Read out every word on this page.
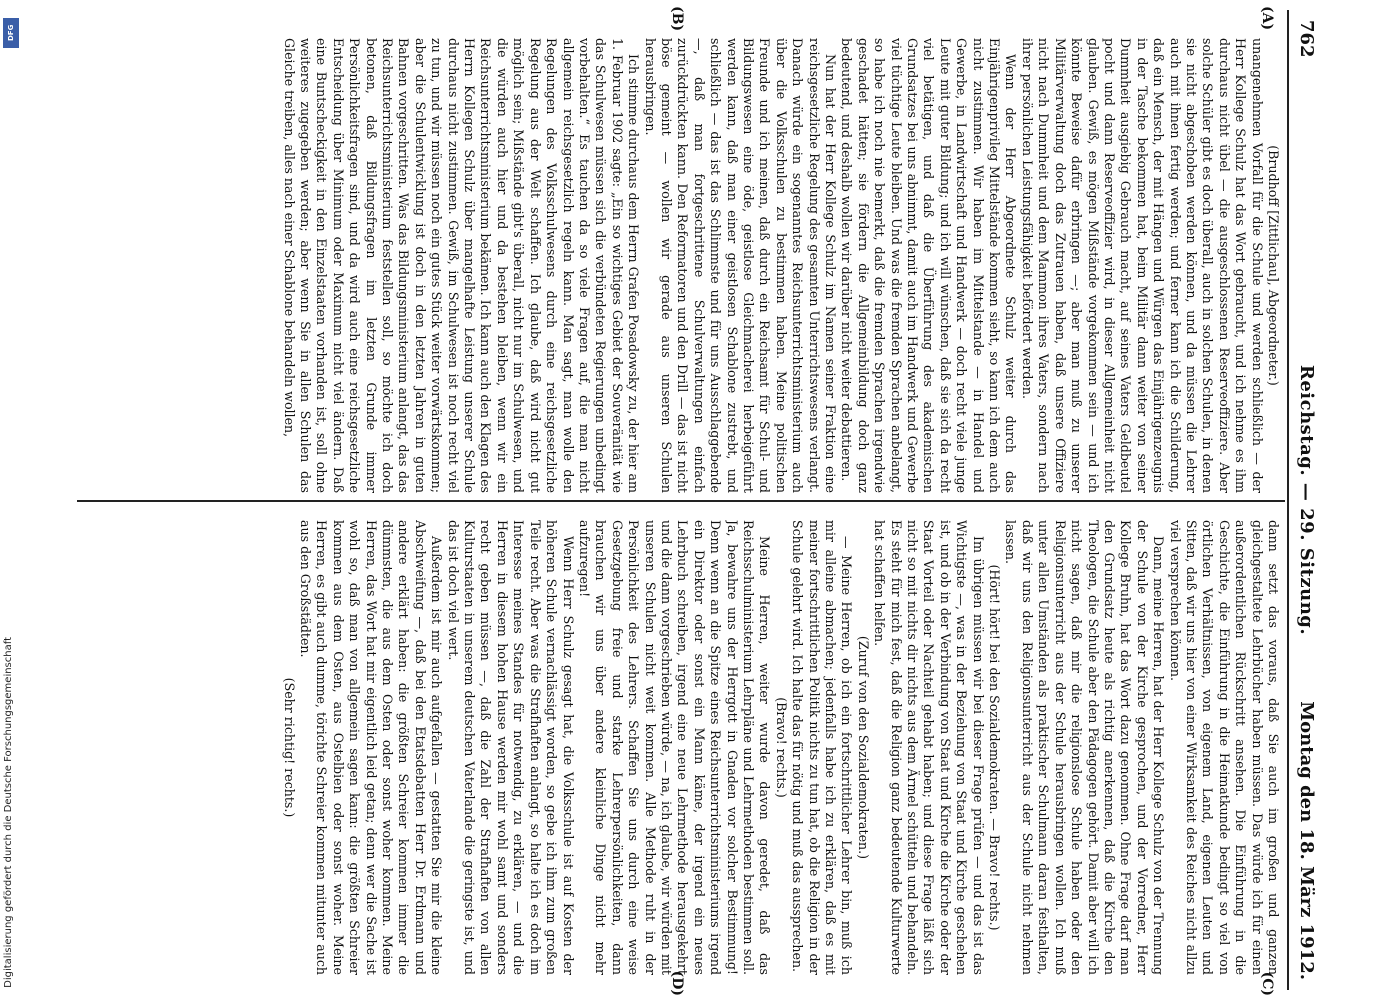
DFG
Digitalisierung gefördert durch die Deutsche Forschungsgemeinschaft
762
Reichstag. — 29. Sitzung.
Montag den 18. März 1912.
(A)
(B)
(C)
(D)

(Brudhoff [Zittlichau], Abgeordneter.)

unangenehmen Vorfall für die Schule und werden schließlich — der Herr Kollege Schulz hat das Wort gebraucht, und ich nehme es ihm durchaus nicht übel — die ausgeschlossenen Reserveoffiziere. Aber solche Schüler gibt es doch überall, auch in solchen Schulen, in denen sie nicht abgeschoben werden können, und da müssen die Lehrer auch mit ihnen fertig werden; und ferner kann ich die Schilderung, daß ein Mensch, der mit Hängen und Würgen das Einjährigenzeugnis in der Tasche bekommen hat, beim Militär dann weiter von seiner Dummheit ausgiebig Gebrauch macht, auf seines Vaters Geldbeutel pocht und dann Reserveoffizier wird, in dieser Allgemeinheit nicht glauben. Gewiß, es mögen Mißstände vorgekommen sein — und ich könnte Beweise dafür erbringen —; aber man muß zu unserer Militärverwaltung doch das Zutrauen haben, daß unsere Offiziere nicht nach Dummheit und dem Mammon ihres Vaters, sondern nach ihrer persönlichen Leistungsfähigkeit befördert werden.

Wenn der Herr Abgeordnete Schulz weiter durch das Einjährigenprivileg Mittelstände kommen sieht, so kann ich dem auch nicht zustimmen. Wir haben im Mittelstande — in Handel und Gewerbe, in Landwirtschaft und Handwerk — doch recht viele junge Leute mit guter Bildung; und ich will wünschen, daß sie sich da recht viel betätigen, und daß die Überführung des akademischen Grundsatzes bei uns abnimmt, damit auch im Handwerk und Gewerbe viel tüchtige Leute bleiben. Und was die fremden Sprachen anbelangt, so habe ich noch nie bemerkt, daß die fremden Sprachen irgendwie geschadet hätten; sie fördern die Allgemeinbildung doch ganz bedeutend, und deshalb wollen wir darüber nicht weiter debattieren.

Nun hat der Herr Kollege Schulz im Namen seiner Fraktion eine reichsgesetzliche Regelung des gesamten Unterrichtswesens verlangt. Danach würde ein sogenanntes Reichsunterrichtsministerium auch über die Volksschulen zu bestimmen haben. Meine politischen Freunde und ich meinen, daß durch ein Reichsamt für Schul- und Bildungswesen eine öde, geistlose Gleichmacherei herbeigeführt werden kann, daß man einer geistlosen Schablone zustrebt, und schließlich — das ist das Schlimmste und für uns Ausschlaggebende —, daß man fortgeschrittene Schulverwaltungen einfach zurückdrückten kann. Den Reformatoren und den Drill — das ist nicht böse gemeint — wollen wir gerade aus unseren Schulen herausbringen.

Ich stimme durchaus dem Herrn Grafen Posadowsky zu, der hier am 1. Februar 1902 sagte: „Ein so wichtiges Gebiet der Souveränität wie das Schulwesen müssen sich die verbündeten Regierungen unbedingt vorbehalten.“ Es tauchen da so viele Fragen auf, die man nicht allgemein reichsgesetzlich regeln kann. Man sagt, man wolle den Regelungen des Volksschulwesens durch eine reichsgesetzliche Regelung aus der Welt schaffen. Ich glaube, daß wird nicht gut möglich sein; Mißstände gibt's überall, nicht nur im Schulwesen, und die würden auch hier und da bestehen bleiben, wenn wir ein Reichsunterrichtsministerium bekämen. Ich kann auch den Klagen des Herrn Kollegen Schulz über mangelhafte Leistung unserer Schule durchaus nicht zustimmen. Gewiß, im Schulwesen ist noch recht viel zu tun, und wir müssen noch ein gutes Stück weiter vorwärtskommen; aber die Schulentwicklung ist doch in den letzten Jahren in guten Bahnen vorgeschritten. Was das Bildungsministerium anlangt, das das Reichsunterrichtsministerium feststellen soll, so möchte ich doch betonen, daß Bildungsfragen im letzten Grunde immer Persönlichkeitsfragen sind, und da wird auch eine reichsgesetzliche Entscheidung über Minimum oder Maximum nicht viel ändern. Daß eine Buntscheckigkeit in den Einzelstaaten vorhanden ist, soll ohne weiteres zugegeben werden; aber wenn Sie in allen Schulen das Gleiche treiben, alles nach einer Schablone behandeln wollen,

dann setzt das voraus, daß Sie auch im großen und ganzen gleichgestaltete Lehrbücher haben müssen. Das würde ich für einen außerordentlichen Rückschritt ansehen. Die Einführung in die Geschichte, die Einführung in die Heimatkunde bedingt so viel von örtlichen Verhältnissen, von eigenem Land, eigenen Leuten und Sitten, daß wir uns hier von einer Wirksamkeit des Reiches nicht allzu viel versprechen können.

Dann, meine Herren, hat der Herr Kollege Schulz von der Trennung der Schule von der Kirche gesprochen, und der Vorredner, Herr Kollege Bruhn, hat das Wort dazu genommen. Ohne Frage darf man den Grundsatz heute als richtig anerkennen, daß die Kirche den Theologen, die Schule aber den Pädagogen gehört. Damit aber will ich nicht sagen, daß mir die religionslose Schule haben oder den Religionsunterricht aus der Schule herausbringen wollen. Ich muß unter allen Umständen als praktischer Schulmann daran festhalten, daß wir uns den Religionsunterricht aus der Schule nicht nehmen lassen.

(Hört! hört! bei den Sozialdemokraten. — Bravo! rechts.)

Im übrigen müssen wir bei dieser Frage prüfen — und das ist das Wichtigste —, was in der Beziehung von Staat und Kirche geschehen ist, und ob in der Verbindung von Staat und Kirche die Kirche oder der Staat Vorteil oder Nachteil gehabt haben; und diese Frage läßt sich nicht so mit nichts dir nichts aus dem Ärmel schütteln und behandeln. Es steht für mich fest, daß die Religion ganz bedeutende Kulturwerte hat schaffen helfen.

(Zuruf von den Sozialdemokraten.)

— Meine Herren, ob ich ein fortschrittlicher Lehrer bin, muß ich mir alleine abmachen; jedenfalls habe ich zu erklären, daß es mit meiner fortschrittlichen Politik nichts zu tun hat, ob die Religion in der Schule gelehrt wird. Ich halte das für nötig und muß das aussprechen.

(Bravo! rechts.)

Meine Herren, weiter wurde davon geredet, daß das Reichsschulministerium Lehrpläne und Lehrmethoden bestimmen soll. Ja, bewahre uns der Herrgott in Gnaden vor solcher Bestimmung! Denn wenn an die Spitze eines Reichsunterrichtsministeriums irgend ein Direktor oder sonst ein Mann käme, der irgend ein neues Lehrbuch schreiben, irgend eine neue Lehrmethode herausgekehrt und die dann vorgeschrieben würde, — na, ich glaube, wir würden mit unseren Schulen nicht weit kommen. Alle Methode ruht in der Persönlichkeit des Lehrers. Schaffen Sie uns durch eine weise Gesetzgebung freie und starke Lehrerpersönlichkeiten, dann brauchen wir uns über andere kleinliche Dinge nicht mehr aufzuregen!

Wenn Herr Schulz gesagt hat, die Volksschule ist auf Kosten der höheren Schule vernachlässigt worden, so gebe ich ihm zum großen Teile recht. Aber was die Strafhaften anlangt, so halte ich es doch im Interesse meines Standes für notwendig, zu erklären, — und die Herren in diesem hohen Hause werden mir wohl samt und sonders recht geben müssen —, daß die Zahl der Strafhaften von allen Kulturstaaten in unserem deutschen Vaterlande die geringste ist, und das ist doch viel wert.

Außerdem ist mir auch aufgefallen — gestatten Sie mir die kleine Abschweifung —, daß bei den Etatsdebatten Herr Dr. Erdmann und andere erklärt haben: die größten Schreier kommen immer die dümmsten, die aus dem Osten oder sonst woher kommen. Meine Herren, das Wort hat mir eigentlich leid getan; denn wer die Sache ist wohl so, daß man von allgemein sagen kann: die größten Schreier kommen aus dem Osten, aus Ostelbien oder sonst woher. Meine Herren, es gibt auch dumme, törichte Schreier kommen mitunter auch aus den Großstädten.

(Sehr richtig! rechts.)
